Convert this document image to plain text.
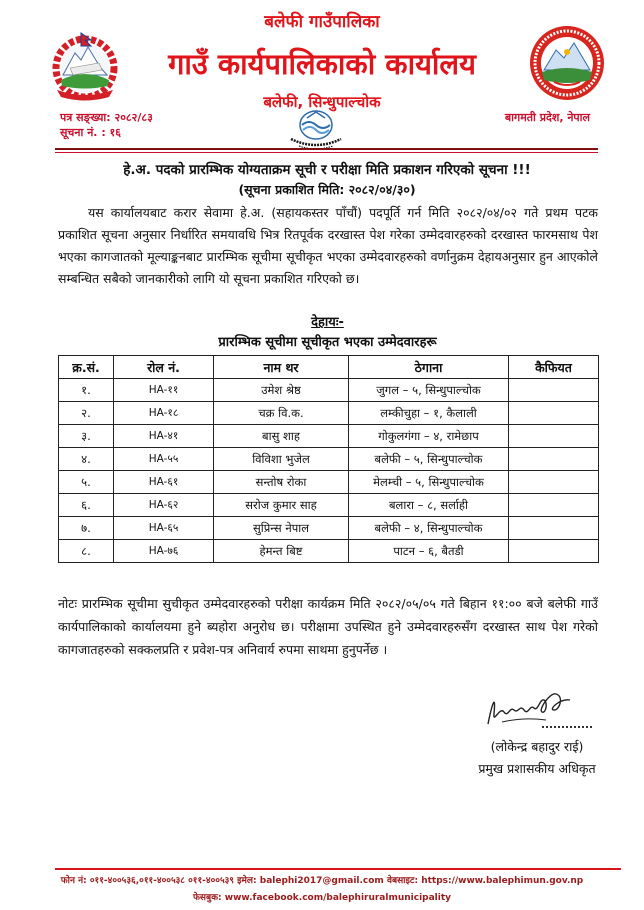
बलेफी गाउँपालिका
गाउँ कार्यपालिकाको कार्यालय
बलेफी, सिन्धुपाल्चोक
पत्र सङ्ख्या: २०८२/८३
सूचना नं. : १६
बागमती प्रदेश, नेपाल
हे.अ. पदको प्रारम्भिक योग्यताक्रम सूची र परीक्षा मिति प्रकाशन गरिएको सूचना !!!
(सूचना प्रकाशित मिति: २०८२/०४/३०)

यस कार्यालयबाट करार सेवामा हे.अ. (सहायकस्तर पाँचौं) पदपूर्ति गर्न मिति २०८२/०४/०२ गते प्रथम पटक प्रकाशित सूचना अनुसार निर्धारित समयावधि भित्र रितपूर्वक दरखास्त पेश गरेका उम्मेदवारहरुको दरखास्त फारमसाथ पेश भएका कागजातको मूल्याङ्कनबाट प्रारम्भिक सूचीमा सूचीकृत भएका उम्मेदवारहरुको वर्णानुक्रम देहायअनुसार हुन आएकोले सम्बन्धित सबैको जानकारीको लागि यो सूचना प्रकाशित गरिएको छ।

देहायः-
प्रारम्भिक सूचीमा सूचीकृत भएका उम्मेदवारहरू
क्र.सं.	रोल नं.	नाम थर	ठेगाना	कैफियत
१.	HA-११	उमेश श्रेष्ठ	जुगल – ५, सिन्धुपाल्चोक	
२.	HA-१८	चक्र वि.क.	लम्कीचुहा – १, कैलाली	
३.	HA-४१	बासु शाह	गोकुलगंगा – ४, रामेछाप	
४.	HA-५५	विविशा भुजेल	बलेफी – ५, सिन्धुपाल्चोक	
५.	HA-६१	सन्तोष रोका	मेलम्ची – ५, सिन्धुपाल्चोक	
६.	HA-६२	सरोज कुमार साह	बलारा – ८, सर्लाही	
७.	HA-६५	सुप्रिन्स नेपाल	बलेफी – ४, सिन्धुपाल्चोक	
८.	HA-७६	हेमन्त बिष्ट	पाटन – ६, बैतडी	

नोटः प्रारम्भिक सूचीमा सुचीकृत उम्मेदवारहरुको परीक्षा कार्यक्रम मिति २०८२/०५/०५ गते बिहान ११:०० बजे बलेफी गाउँ कार्यपालिकाको कार्यालयमा हुने ब्यहोरा अनुरोध छ। परीक्षामा उपस्थित हुने उम्मेदवारहरुसँग दरखास्त साथ पेश गरेको कागजातहरुको सक्कलप्रति र प्रवेश-पत्र अनिवार्य रुपमा साथमा हुनुपर्नेछ ।

(लोकेन्द्र बहादुर राई)
प्रमुख प्रशासकीय अधिकृत
फोन नं: ०११-४००५३६,०११-४००५३८ ०११-४००५३९ इमेल: balephi2017@gmail.com वेबसाइट: https://www.balephimun.gov.np
फेसबुक: www.facebook.com/balephiruralmunicipality
